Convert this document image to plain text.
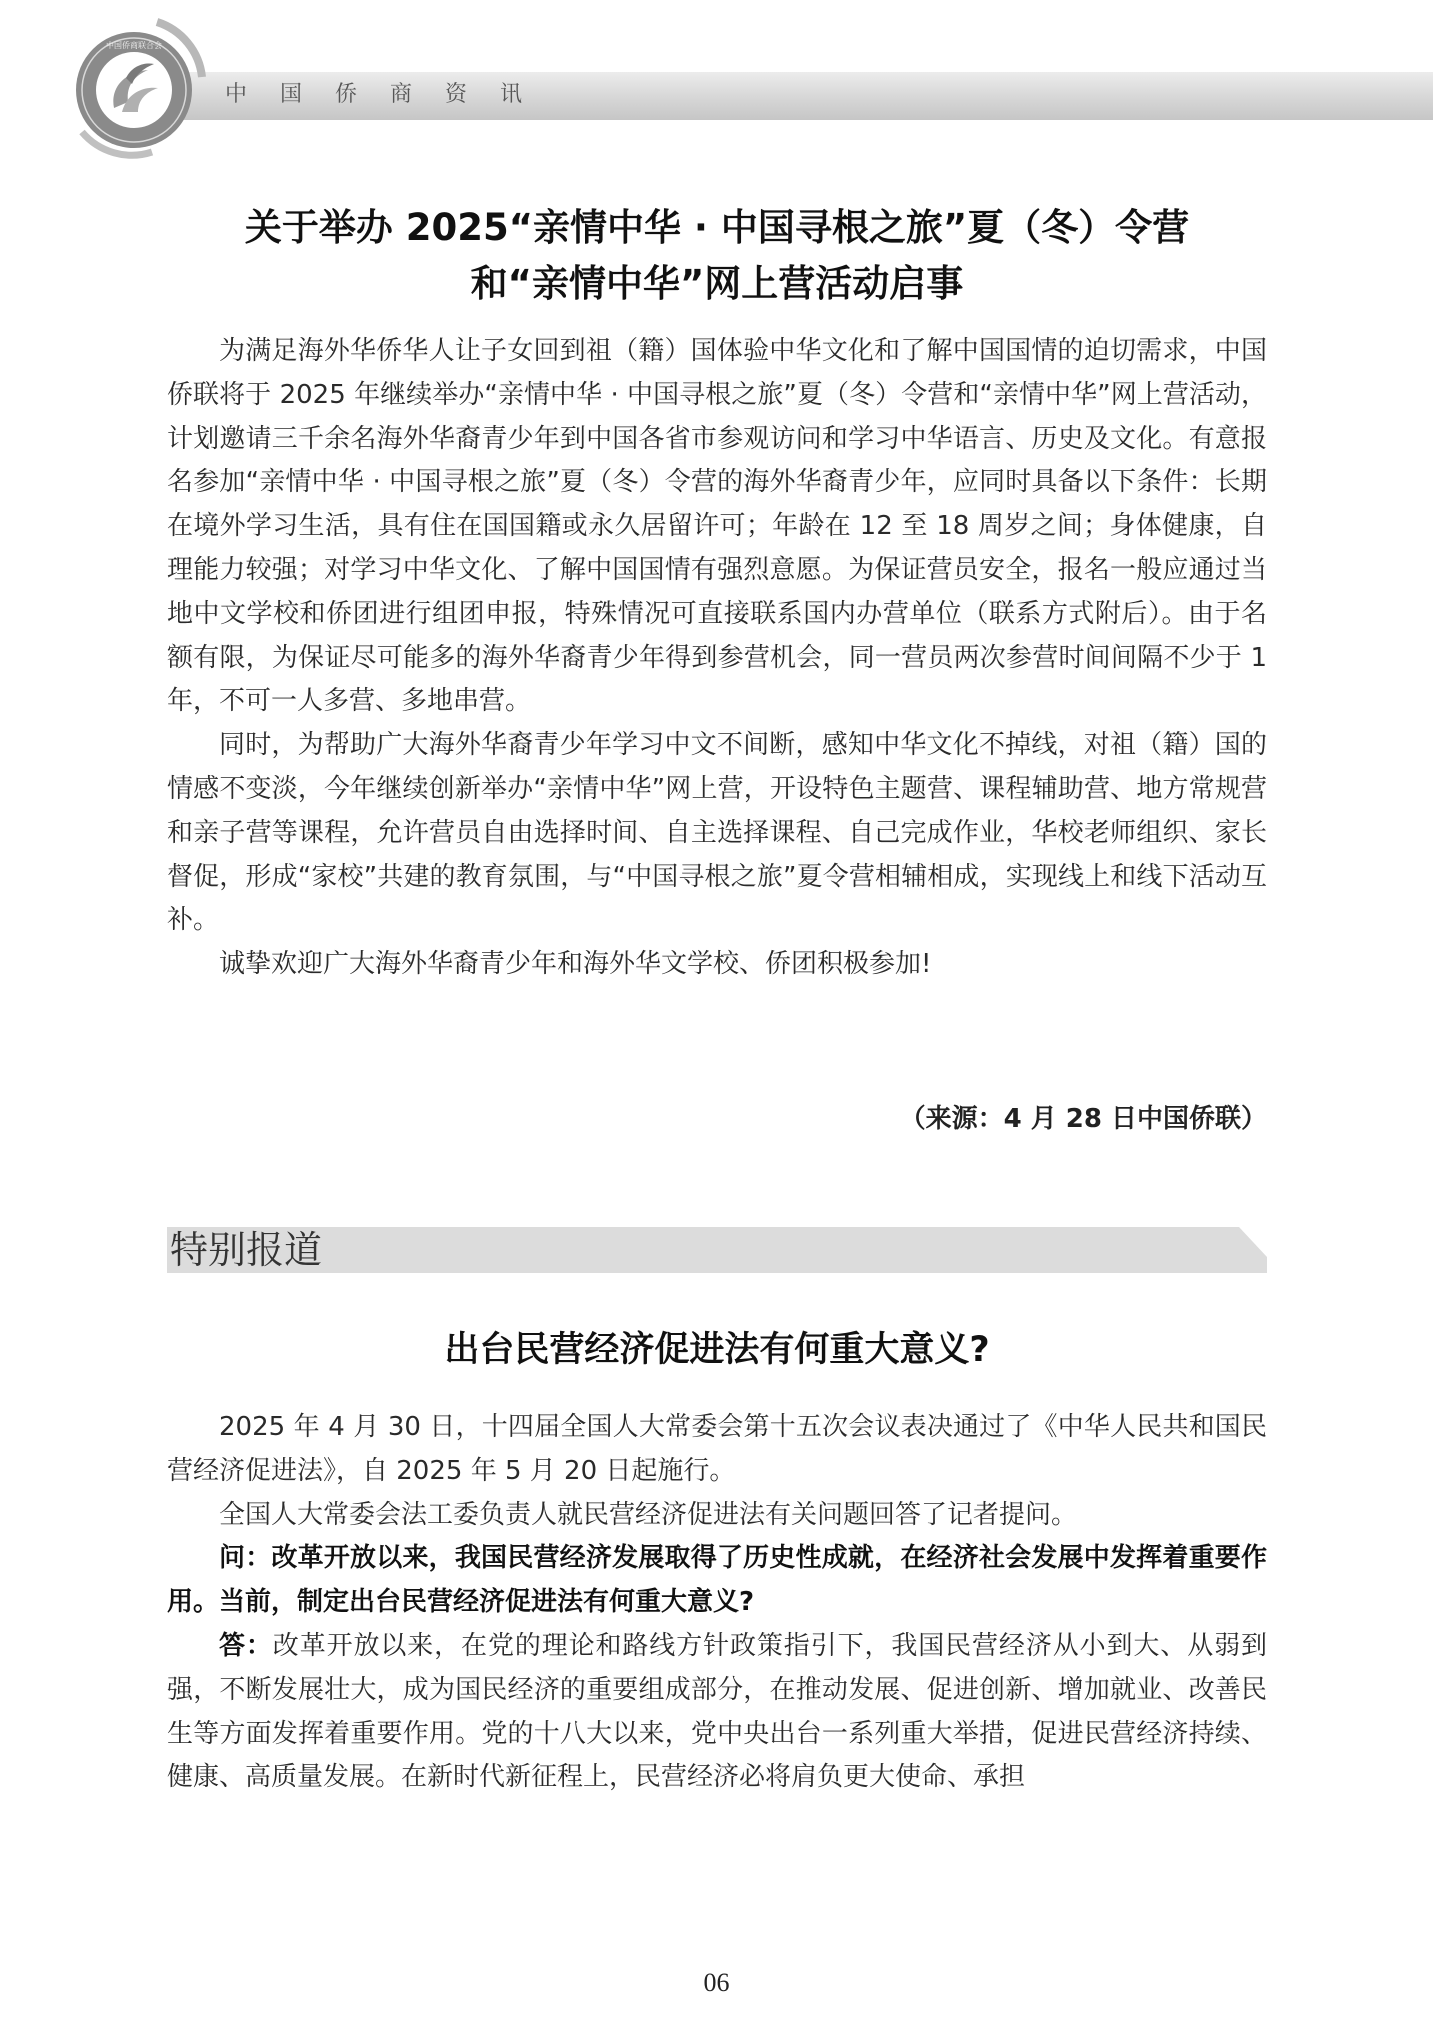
中国侨商资讯
中国侨商联合会
关于举办 2025“亲情中华 · 中国寻根之旅”夏（冬）令营
和“亲情中华”网上营活动启事

为满足海外华侨华人让子女回到祖（籍）国体验中华文化和了解中国国情的迫切需求，中国侨联将于 2025 年继续举办“亲情中华 · 中国寻根之旅”夏（冬）令营和“亲情中华”网上营活动，计划邀请三千余名海外华裔青少年到中国各省市参观访问和学习中华语言、历史及文化。有意报名参加“亲情中华 · 中国寻根之旅”夏（冬）令营的海外华裔青少年，应同时具备以下条件：长期在境外学习生活，具有住在国国籍或永久居留许可；年龄在 12 至 18 周岁之间；身体健康，自理能力较强；对学习中华文化、了解中国国情有强烈意愿。为保证营员安全，报名一般应通过当地中文学校和侨团进行组团申报，特殊情况可直接联系国内办营单位（联系方式附后）。由于名额有限，为保证尽可能多的海外华裔青少年得到参营机会，同一营员两次参营时间间隔不少于 1 年，不可一人多营、多地串营。

同时，为帮助广大海外华裔青少年学习中文不间断，感知中华文化不掉线，对祖（籍）国的情感不变淡，今年继续创新举办“亲情中华”网上营，开设特色主题营、课程辅助营、地方常规营和亲子营等课程，允许营员自由选择时间、自主选择课程、自己完成作业，华校老师组织、家长督促，形成“家校”共建的教育氛围，与“中国寻根之旅”夏令营相辅相成，实现线上和线下活动互补。

诚挚欢迎广大海外华裔青少年和海外华文学校、侨团积极参加!

（来源：4 月 28 日中国侨联）
特别报道
出台民营经济促进法有何重大意义?

2025 年 4 月 30 日，十四届全国人大常委会第十五次会议表决通过了《中华人民共和国民营经济促进法》，自 2025 年 5 月 20 日起施行。

全国人大常委会法工委负责人就民营经济促进法有关问题回答了记者提问。

问：改革开放以来，我国民营经济发展取得了历史性成就，在经济社会发展中发挥着重要作用。当前，制定出台民营经济促进法有何重大意义?

答：改革开放以来，在党的理论和路线方针政策指引下，我国民营经济从小到大、从弱到强，不断发展壮大，成为国民经济的重要组成部分，在推动发展、促进创新、增加就业、改善民生等方面发挥着重要作用。党的十八大以来，党中央出台一系列重大举措，促进民营经济持续、健康、高质量发展。在新时代新征程上，民营经济必将肩负更大使命、承担

06
